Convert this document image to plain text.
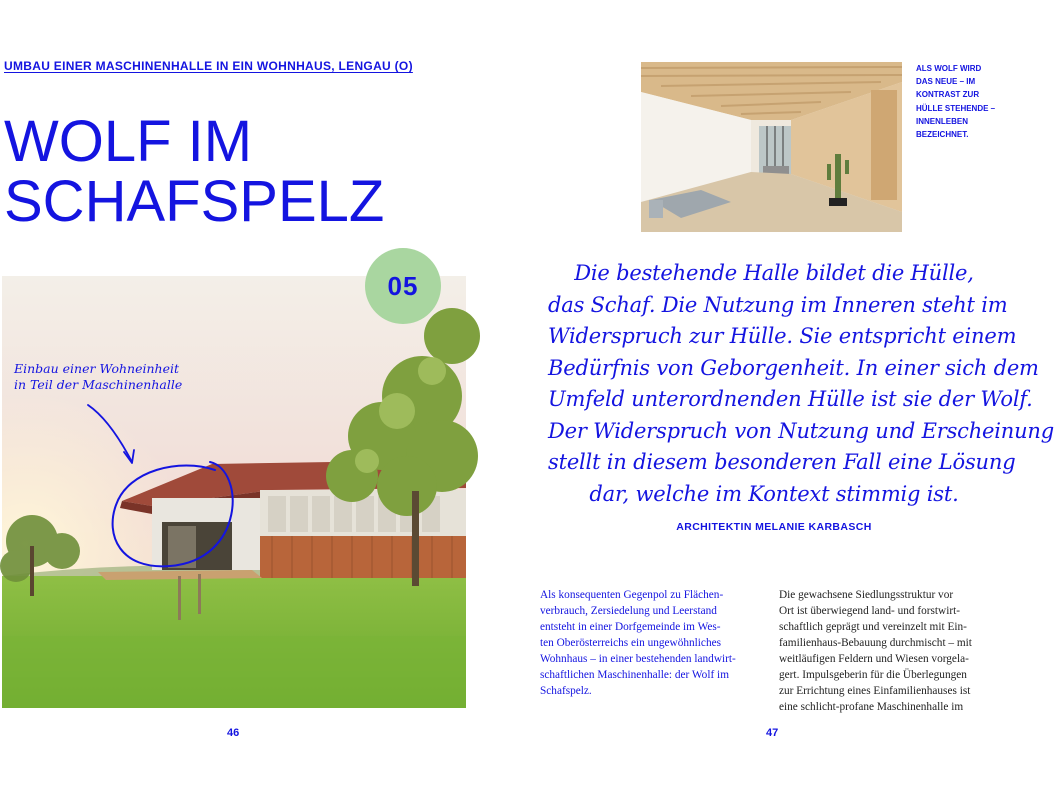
UMBAU EINER MASCHINENHALLE IN EIN WOHNHAUS, LENGAU (O)
WOLF IM
SCHAFSPELZ
05
Einbau einer Wohneinheit
in Teil der Maschinenhalle
46
ALS WOLF WIRD
DAS NEUE – IM
KONTRAST ZUR
HÜLLE STEHENDE –
INNENLEBEN
BEZEICHNET.
Die bestehende Halle bildet die Hülle,
das Schaf. Die Nutzung im Inneren steht im
Widerspruch zur Hülle. Sie entspricht einem
Bedürfnis von Geborgenheit. In einer sich dem
Umfeld unterordnenden Hülle ist sie der Wolf.
Der Widerspruch von Nutzung und Erscheinung
stellt in diesem besonderen Fall eine Lösung
dar, welche im Kontext stimmig ist.
ARCHITEKTIN MELANIE KARBASCH
Als konsequenten Gegenpol zu Flächen-
verbrauch, Zersiedelung und Leerstand
entsteht in einer Dorfgemeinde im Wes-
ten Oberösterreichs ein ungewöhnliches
Wohnhaus – in einer bestehenden landwirt-
schaftlichen Maschinenhalle: der Wolf im
Schafspelz.
Die gewachsene Siedlungsstruktur vor
Ort ist überwiegend land- und forstwirt-
schaftlich geprägt und vereinzelt mit Ein-
familienhaus-Bebauung durchmischt – mit
weitläufigen Feldern und Wiesen vorgela-
gert. Impulsgeberin für die Überlegungen
zur Errichtung eines Einfamilienhauses ist
eine schlicht-profane Maschinenhalle im
47
